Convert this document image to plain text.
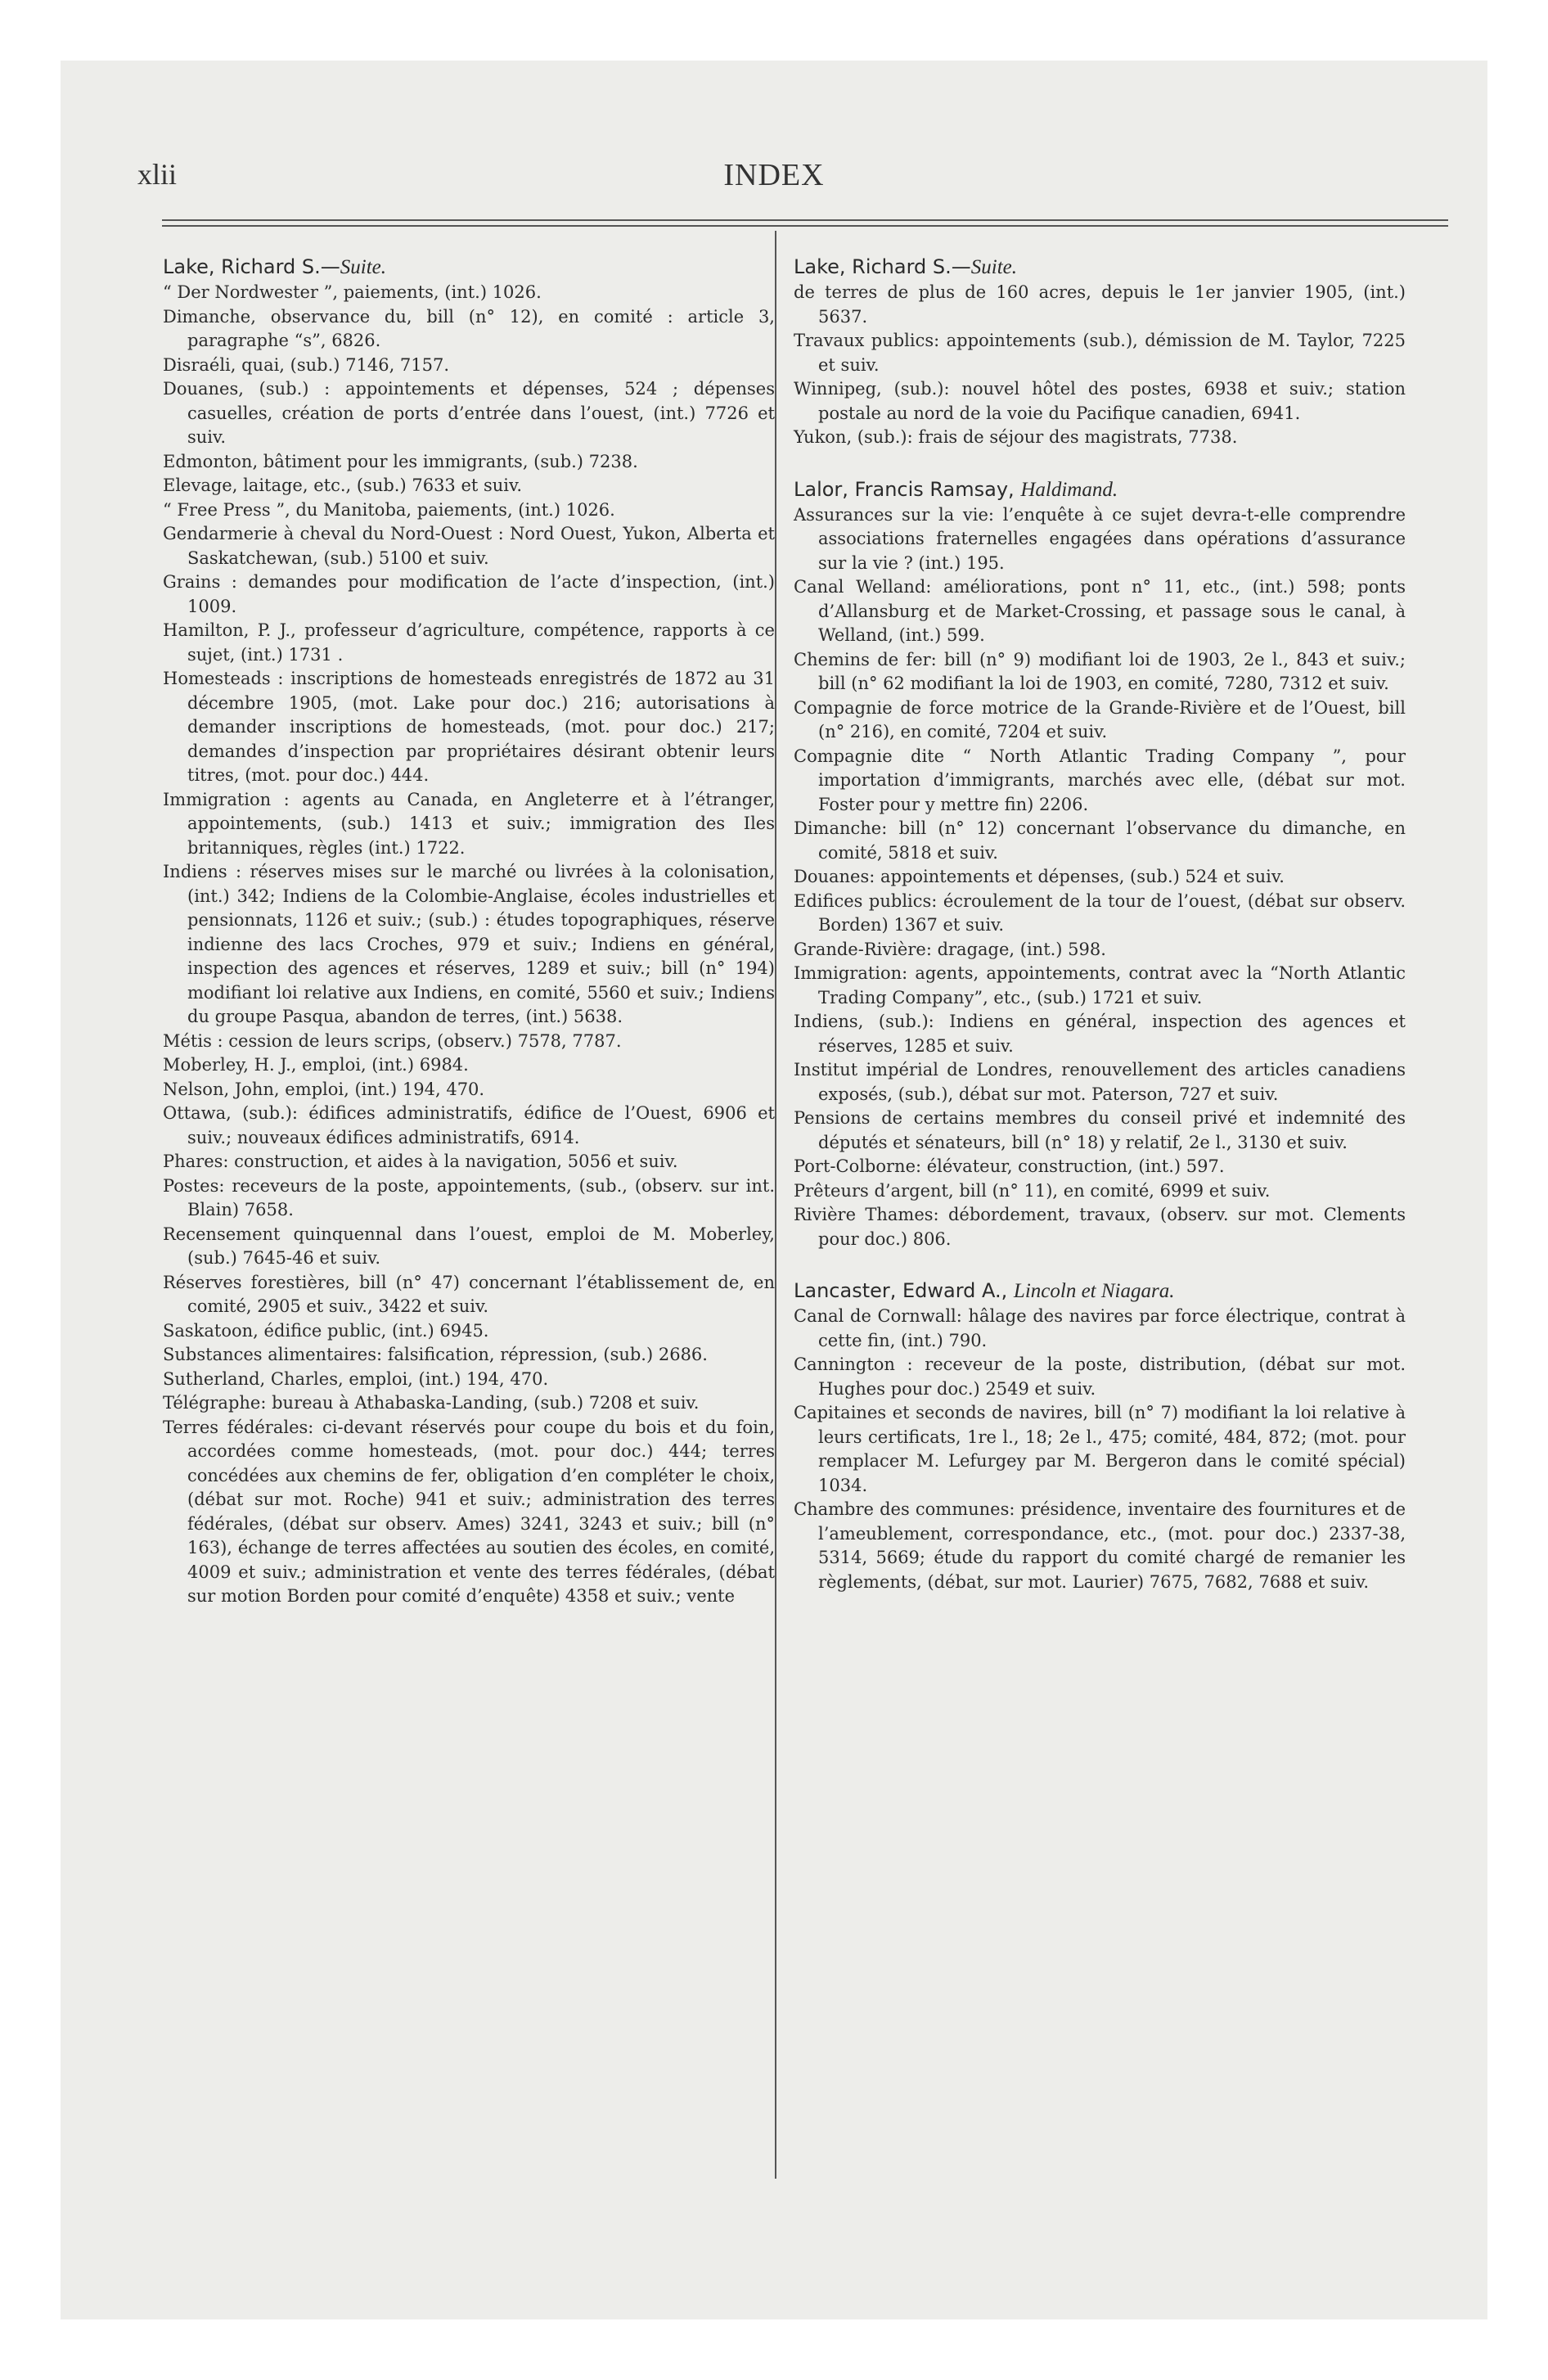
xlii	INDEX
Lake, Richard S.—Suite.
“ Der Nordwester ”, paiements, (int.) 1026.
Dimanche, observance du, bill (n° 12), en comité : article 3, paragraphe “s”, 6826.
Disraéli, quai, (sub.) 7146, 7157.
Douanes, (sub.) : appointements et dépenses, 524 ; dépenses casuelles, création de ports d’entrée dans l’ouest, (int.) 7726 et suiv.
Edmonton, bâtiment pour les immigrants, (sub.) 7238.
Elevage, laitage, etc., (sub.) 7633 et suiv.
“ Free Press ”, du Manitoba, paiements, (int.) 1026.
Gendarmerie à cheval du Nord-Ouest : Nord Ouest, Yukon, Alberta et Saskatchewan, (sub.) 5100 et suiv.
Grains : demandes pour modification de l’acte d’inspection, (int.) 1009.
Hamilton, P. J., professeur d’agriculture, compétence, rapports à ce sujet, (int.) 1731 .
Homesteads : inscriptions de homesteads enregistrés de 1872 au 31 décembre 1905, (mot. Lake pour doc.) 216; autorisations à demander inscriptions de homesteads, (mot. pour doc.) 217; demandes d’inspection par propriétaires désirant obtenir leurs titres, (mot. pour doc.) 444.
Immigration : agents au Canada, en Angleterre et à l’étranger, appointements, (sub.) 1413 et suiv.; immigration des Iles britanniques, règles (int.) 1722.
Indiens : réserves mises sur le marché ou livrées à la colonisation, (int.) 342; Indiens de la Colombie-Anglaise, écoles industrielles et pensionnats, 1126 et suiv.; (sub.) : études topographiques, réserve indienne des lacs Croches, 979 et suiv.; Indiens en général, inspection des agences et réserves, 1289 et suiv.; bill (n° 194) modifiant loi relative aux Indiens, en comité, 5560 et suiv.; Indiens du groupe Pasqua, abandon de terres, (int.) 5638.
Métis : cession de leurs scrips, (observ.) 7578, 7787.
Moberley, H. J., emploi, (int.) 6984.
Nelson, John, emploi, (int.) 194, 470.
Ottawa, (sub.): édifices administratifs, édifice de l’Ouest, 6906 et suiv.; nouveaux édifices administratifs, 6914.
Phares: construction, et aides à la navigation, 5056 et suiv.
Postes: receveurs de la poste, appointements, (sub., (observ. sur int. Blain) 7658.
Recensement quinquennal dans l’ouest, emploi de M. Moberley, (sub.) 7645-46 et suiv.
Réserves forestières, bill (n° 47) concernant l’établissement de, en comité, 2905 et suiv., 3422 et suiv.
Saskatoon, édifice public, (int.) 6945.
Substances alimentaires: falsification, répression, (sub.) 2686.
Sutherland, Charles, emploi, (int.) 194, 470.
Télégraphe: bureau à Athabaska-Landing, (sub.) 7208 et suiv.
Terres fédérales: ci-devant réservés pour coupe du bois et du foin, accordées comme homesteads, (mot. pour doc.) 444; terres concédées aux chemins de fer, obligation d’en compléter le choix, (débat sur mot. Roche) 941 et suiv.; administration des terres fédérales, (débat sur observ. Ames) 3241, 3243 et suiv.; bill (n° 163), échange de terres affectées au soutien des écoles, en comité, 4009 et suiv.; administration et vente des terres fédérales, (débat sur motion Borden pour comité d’enquête) 4358 et suiv.; vente
Lake, Richard S.—Suite.
de terres de plus de 160 acres, depuis le 1er janvier 1905, (int.) 5637.
Travaux publics: appointements (sub.), démission de M. Taylor, 7225 et suiv.
Winnipeg, (sub.): nouvel hôtel des postes, 6938 et suiv.; station postale au nord de la voie du Pacifique canadien, 6941.
Yukon, (sub.): frais de séjour des magistrats, 7738.
Lalor, Francis Ramsay, Haldimand.
Assurances sur la vie: l’enquête à ce sujet devra-t-elle comprendre associations fraternelles engagées dans opérations d’assurance sur la vie ? (int.) 195.
Canal Welland: améliorations, pont n° 11, etc., (int.) 598; ponts d’Allansburg et de Market-Crossing, et passage sous le canal, à Welland, (int.) 599.
Chemins de fer: bill (n° 9) modifiant loi de 1903, 2e l., 843 et suiv.; bill (n° 62 modifiant la loi de 1903, en comité, 7280, 7312 et suiv.
Compagnie de force motrice de la Grande-Rivière et de l’Ouest, bill (n° 216), en comité, 7204 et suiv.
Compagnie dite “ North Atlantic Trading Company ”, pour importation d’immigrants, marchés avec elle, (débat sur mot. Foster pour y mettre fin) 2206.
Dimanche: bill (n° 12) concernant l’observance du dimanche, en comité, 5818 et suiv.
Douanes: appointements et dépenses, (sub.) 524 et suiv.
Edifices publics: écroulement de la tour de l’ouest, (débat sur observ. Borden) 1367 et suiv.
Grande-Rivière: dragage, (int.) 598.
Immigration: agents, appointements, contrat avec la “North Atlantic Trading Company”, etc., (sub.) 1721 et suiv.
Indiens, (sub.): Indiens en général, inspection des agences et réserves, 1285 et suiv.
Institut impérial de Londres, renouvellement des articles canadiens exposés, (sub.), débat sur mot. Paterson, 727 et suiv.
Pensions de certains membres du conseil privé et indemnité des députés et sénateurs, bill (n° 18) y relatif, 2e l., 3130 et suiv.
Port-Colborne: élévateur, construction, (int.) 597.
Prêteurs d’argent, bill (n° 11), en comité, 6999 et suiv.
Rivière Thames: débordement, travaux, (observ. sur mot. Clements pour doc.) 806.
Lancaster, Edward A., Lincoln et Niagara.
Canal de Cornwall: hâlage des navires par force électrique, contrat à cette fin, (int.) 790.
Cannington : receveur de la poste, distribution, (débat sur mot. Hughes pour doc.) 2549 et suiv.
Capitaines et seconds de navires, bill (n° 7) modifiant la loi relative à leurs certificats, 1re l., 18; 2e l., 475; comité, 484, 872; (mot. pour remplacer M. Lefurgey par M. Bergeron dans le comité spécial) 1034.
Chambre des communes: présidence, inventaire des fournitures et de l’ameublement, correspondance, etc., (mot. pour doc.) 2337-38, 5314, 5669; étude du rapport du comité chargé de remanier les règlements, (débat, sur mot. Laurier) 7675, 7682, 7688 et suiv.
